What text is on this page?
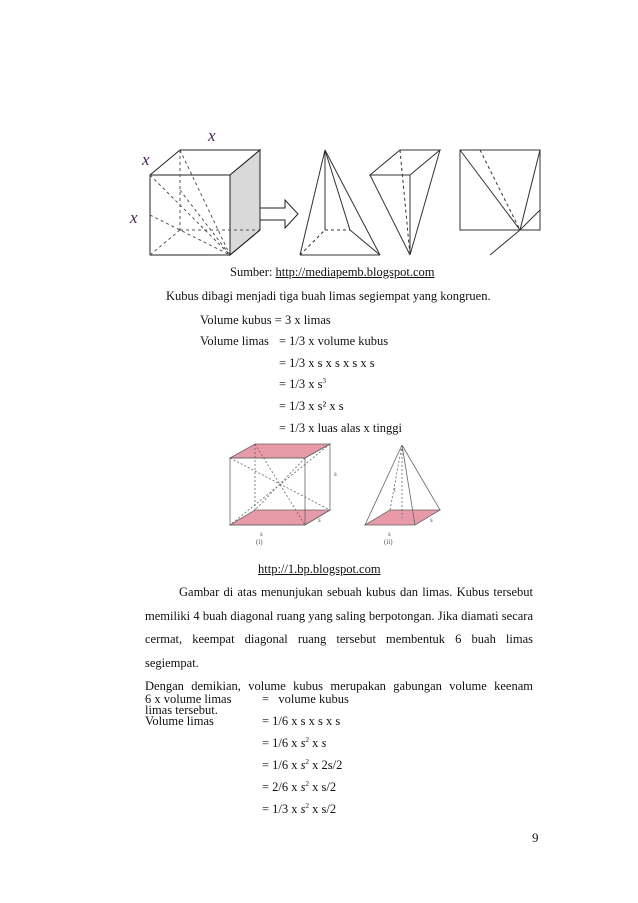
x
x
x
Sumber: http://mediapemb.blogspot.com
Kubus dibagi menjadi tiga buah limas segiempat yang kongruen.
Volume kubus = 3 x limas
Volume limas = 1/3 x volume kubus
= 1/3 x s x s x s x s
= 1/3 x $s^3$
= 1/3 x s² x s
= 1/3 x luas alas x tinggi
s
s
s
(i)
t
s
s
(ii)
http://1.bp.blogspot.com
Gambar di atas menunjukan sebuah kubus dan limas. Kubus tersebut
memiliki 4 buah diagonal ruang yang saling berpotongan. Jika diamati secara
cermat, keempat diagonal ruang tersebut membentuk 6 buah limas segiempat.
Dengan demikian, volume kubus merupakan gabungan volume keenam
limas tersebut.
6 x volume limas =   volume kubus
Volume limas	= 1/6 x s x s x s
= 1/6 x $s^2$ x s
= 1/6 x $s^2$ x 2s/2
= 2/6 x $s^2$ x s/2
= 1/3 x $s^2$ x s/2
9
